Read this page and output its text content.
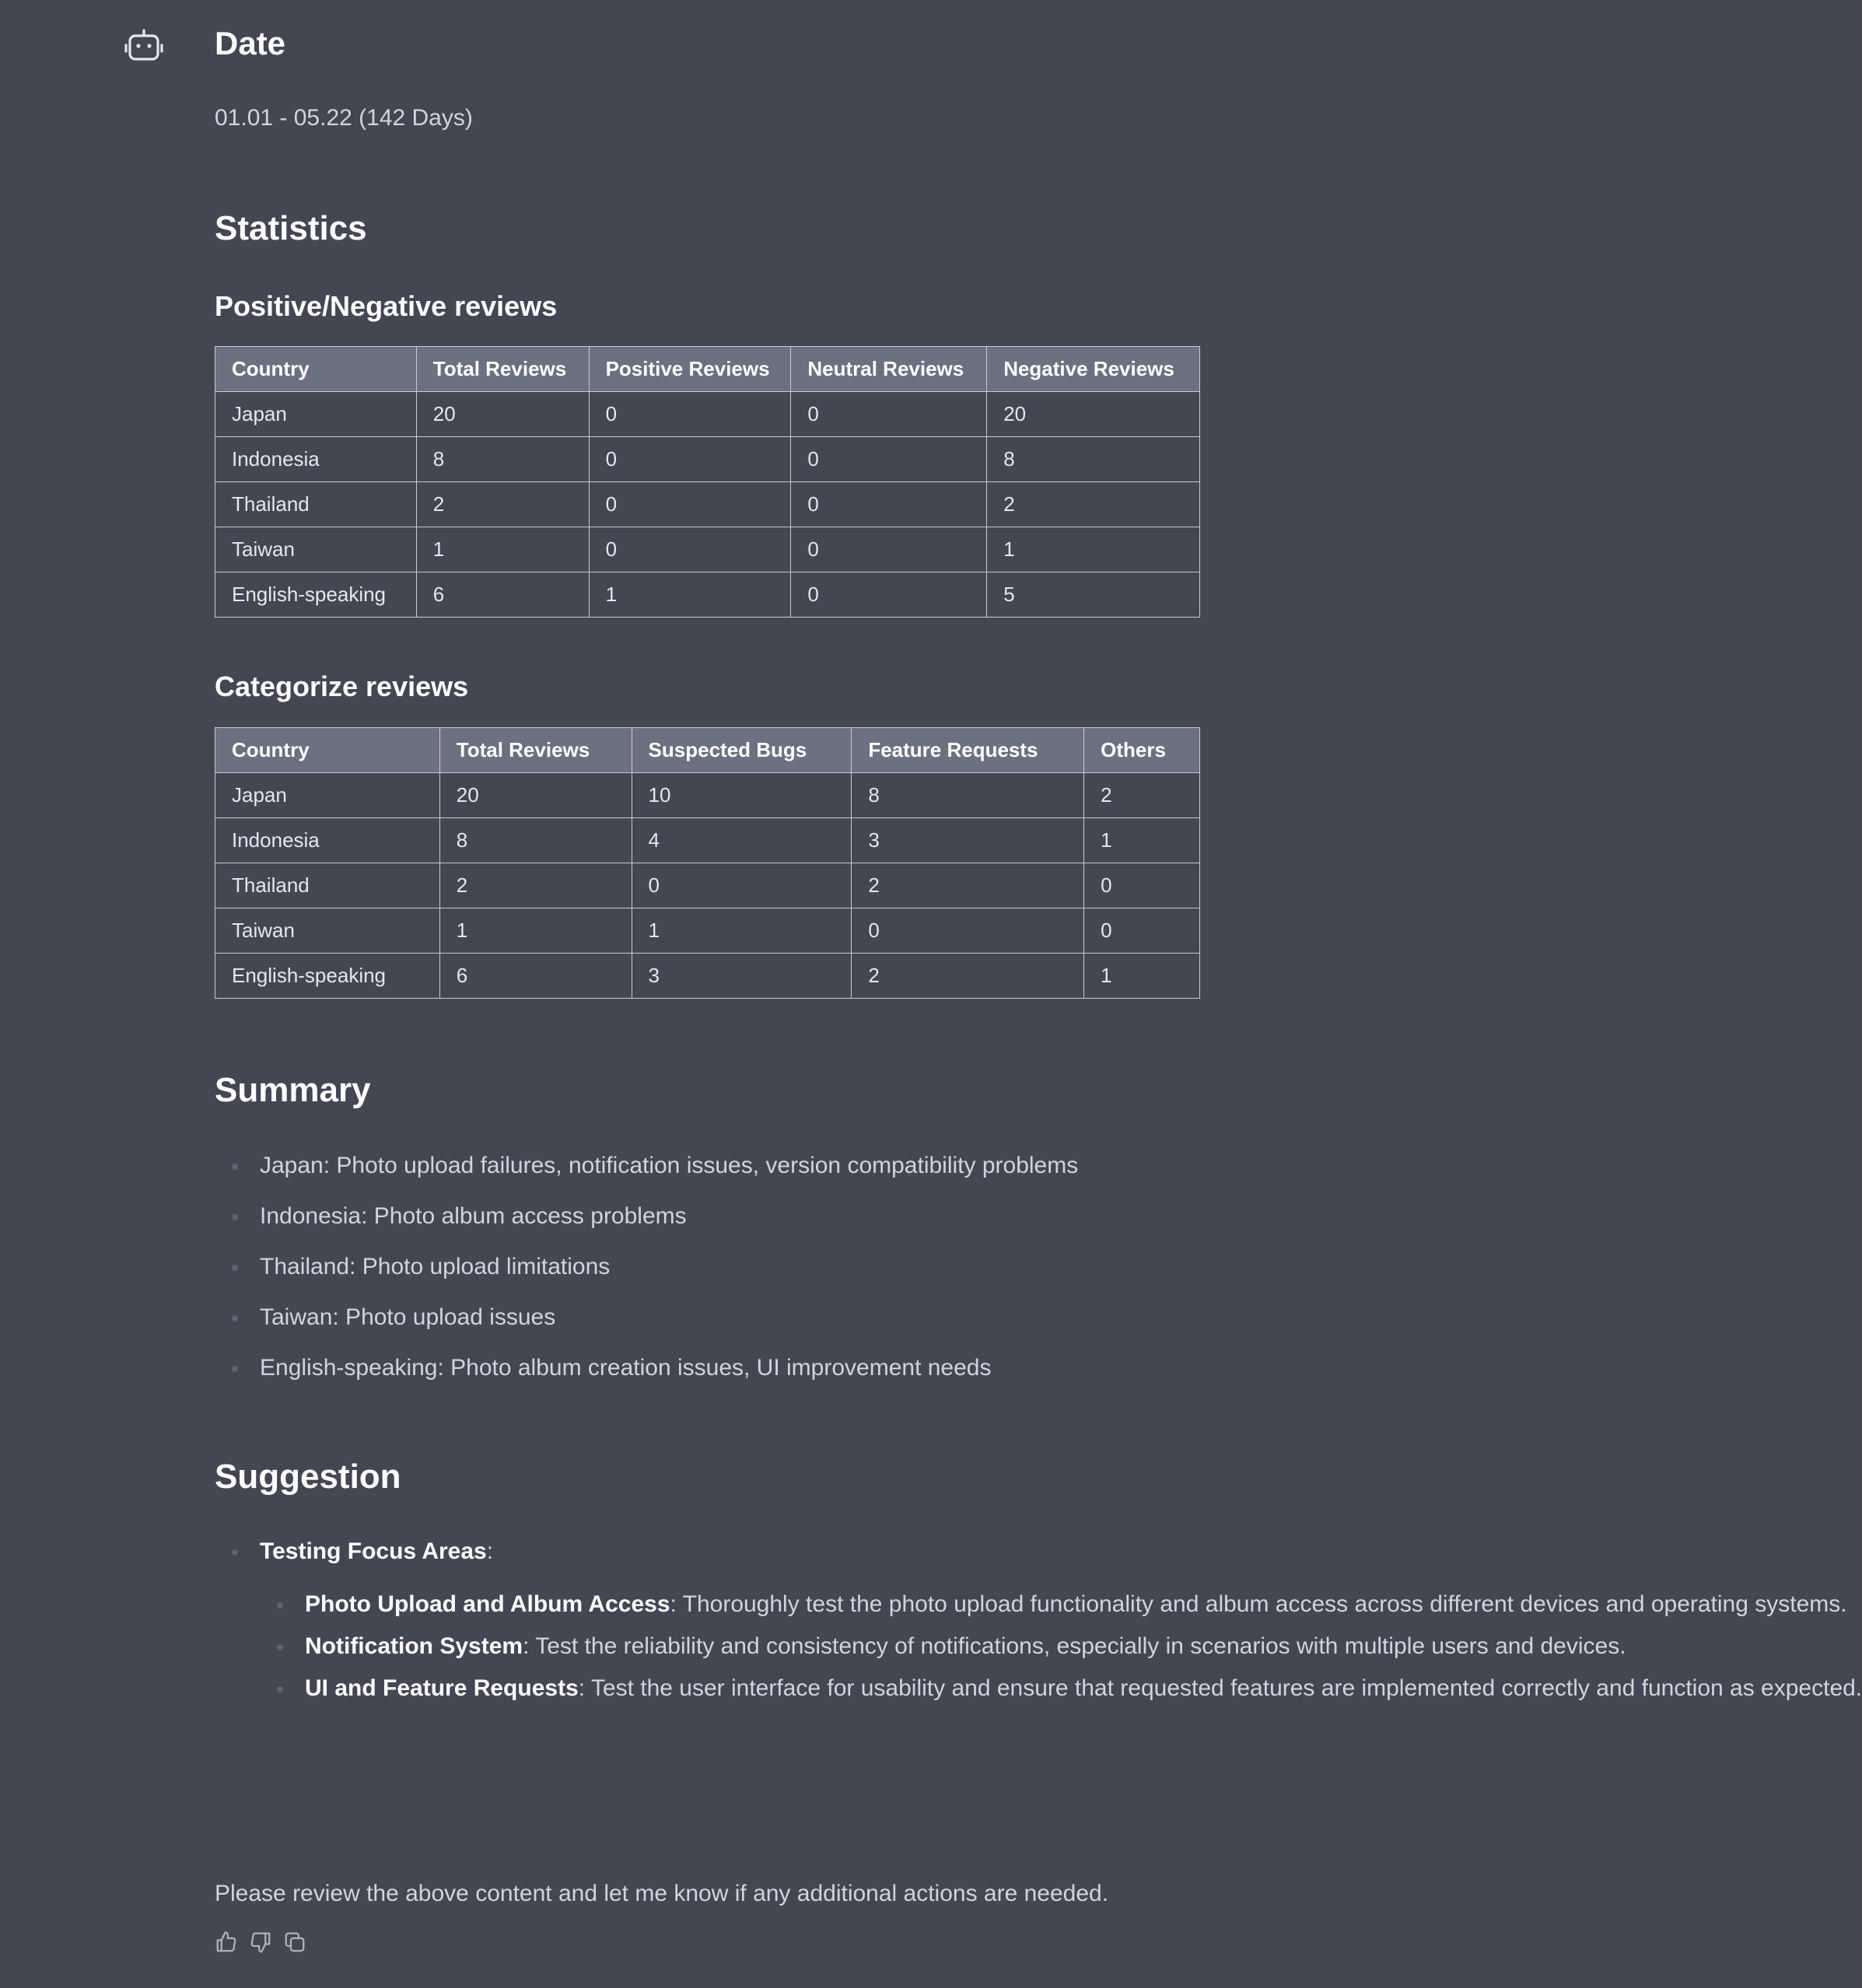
Date
01.01 - 05.22 (142 Days)
Statistics
Positive/Negative reviews
Country	Total Reviews	Positive Reviews	Neutral Reviews	Negative Reviews
Japan	20	0	0	20
Indonesia	8	0	0	8
Thailand	2	0	0	2
Taiwan	1	0	0	1
English-speaking	6	1	0	5
Categorize reviews
Country	Total Reviews	Suspected Bugs	Feature Requests	Others
Japan	20	10	8	2
Indonesia	8	4	3	1
Thailand	2	0	2	0
Taiwan	1	1	0	0
English-speaking	6	3	2	1
Summary
Japan: Photo upload failures, notification issues, version compatibility problems
Indonesia: Photo album access problems
Thailand: Photo upload limitations
Taiwan: Photo upload issues
English-speaking: Photo album creation issues, UI improvement needs
Suggestion
Testing Focus Areas:
Photo Upload and Album Access: Thoroughly test the photo upload functionality and album access across different devices and operating systems.
Notification System: Test the reliability and consistency of notifications, especially in scenarios with multiple users and devices.
UI and Feature Requests: Test the user interface for usability and ensure that requested features are implemented correctly and function as expected.
Please review the above content and let me know if any additional actions are needed.
